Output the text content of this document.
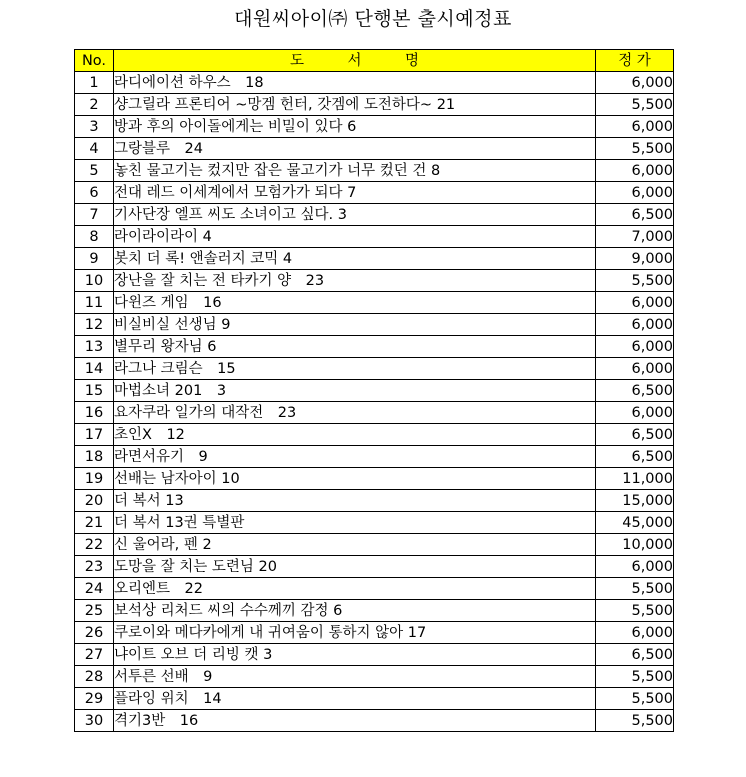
대원씨아이㈜ 단행본 출시예정표
No.	도　　　서　　　명	정 가
1	라디에이션 하우스　18	6,000
2	샹그릴라 프론티어 ~망겜 헌터, 갓겜에 도전하다~ 21	5,500
3	방과 후의 아이돌에게는 비밀이 있다 6	6,000
4	그랑블루　24	5,500
5	놓친 물고기는 컸지만 잡은 물고기가 너무 컸던 건 8	6,000
6	전대 레드 이세계에서 모험가가 되다 7	6,000
7	기사단장 엘프 씨도 소녀이고 싶다. 3	6,500
8	라이라이라이 4	7,000
9	봇치 더 록! 앤솔러지 코믹 4	9,000
10	장난을 잘 치는 전 타카기 양　23	5,500
11	다윈즈 게임　16	6,000
12	비실비실 선생님 9	6,000
13	별무리 왕자님 6	6,000
14	라그나 크림슨　15	6,000
15	마법소녀 201　3	6,500
16	요자쿠라 일가의 대작전　23	6,000
17	초인X　12	6,500
18	라면서유기　9	6,500
19	선배는 남자아이 10	11,000
20	더 복서 13	15,000
21	더 복서 13권 특별판	45,000
22	신 울어라, 펜 2	10,000
23	도망을 잘 치는 도련님 20	6,000
24	오리엔트　22	5,500
25	보석상 리처드 씨의 수수께끼 감정 6	5,500
26	쿠로이와 메다카에게 내 귀여움이 통하지 않아 17	6,000
27	냐이트 오브 더 리빙 캣 3	6,500
28	서투른 선배　9	5,500
29	플라잉 위치　14	5,500
30	격기3반　16	5,500
